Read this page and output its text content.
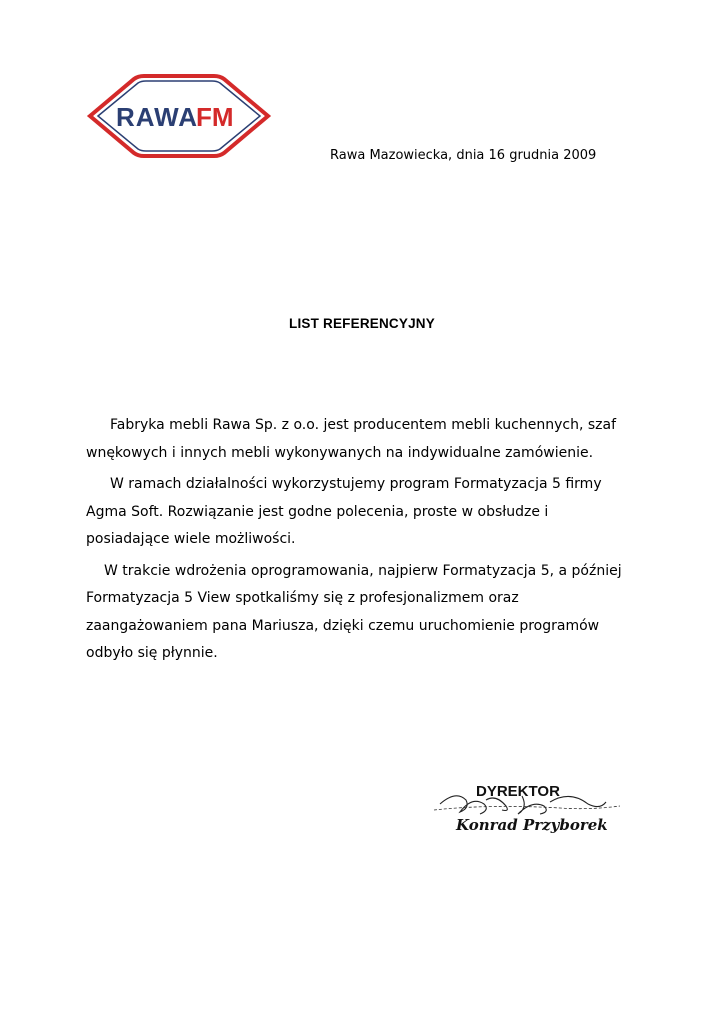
RAWA
FM
Rawa Mazowiecka, dnia 16 grudnia 2009
LIST REFERENCYJNY

Fabryka mebli Rawa Sp. z o.o. jest producentem mebli kuchennych, szaf
wnękowych i innych mebli wykonywanych na indywidualne zamówienie.

W ramach działalności wykorzystujemy program Formatyzacja 5 firmy
Agma Soft. Rozwiązanie jest godne polecenia, proste w obsłudze i
posiadające wiele możliwości.

W trakcie wdrożenia oprogramowania, najpierw Formatyzacja 5, a później
Formatyzacja 5 View spotkaliśmy się z profesjonalizmem oraz
zaangażowaniem pana Mariusza, dzięki czemu uruchomienie programów
odbyło się płynnie.

DYREKTOR
Konrad Przyborek
